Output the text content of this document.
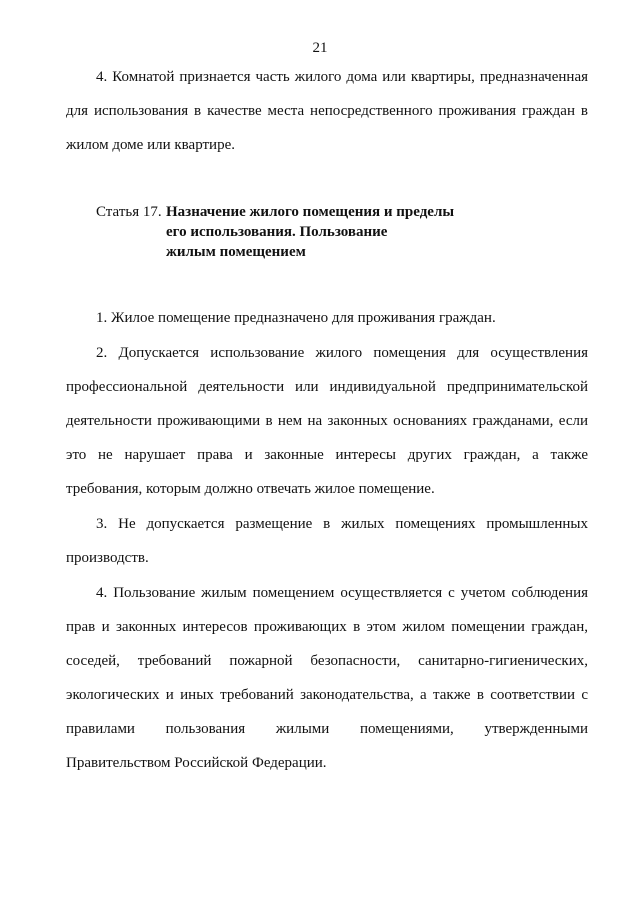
21

4. Комнатой признается часть жилого дома или квартиры, предназначенная для использования в качестве места непосредственного проживания граждан в жилом доме или квартире.

Статья 17. Назначение жилого помещения и пределы
его использования. Пользование
жилым помещением

1. Жилое помещение предназначено для проживания граждан.

2. Допускается использование жилого помещения для осуществления профессиональной деятельности или индивидуальной предпринимательской деятельности проживающими в нем на законных основаниях гражданами, если это не нарушает права и законные интересы других граждан, а также требования, которым должно отвечать жилое помещение.

3. Не допускается размещение в жилых помещениях промышленных производств.

4. Пользование жилым помещением осуществляется с учетом соблюдения прав и законных интересов проживающих в этом жилом помещении граждан, соседей, требований пожарной безопасности, санитарно-гигиенических, экологических и иных требований законодательства, а также в соответствии с правилами пользования жилыми помещениями, утвержденными Правительством Российской Федерации.
